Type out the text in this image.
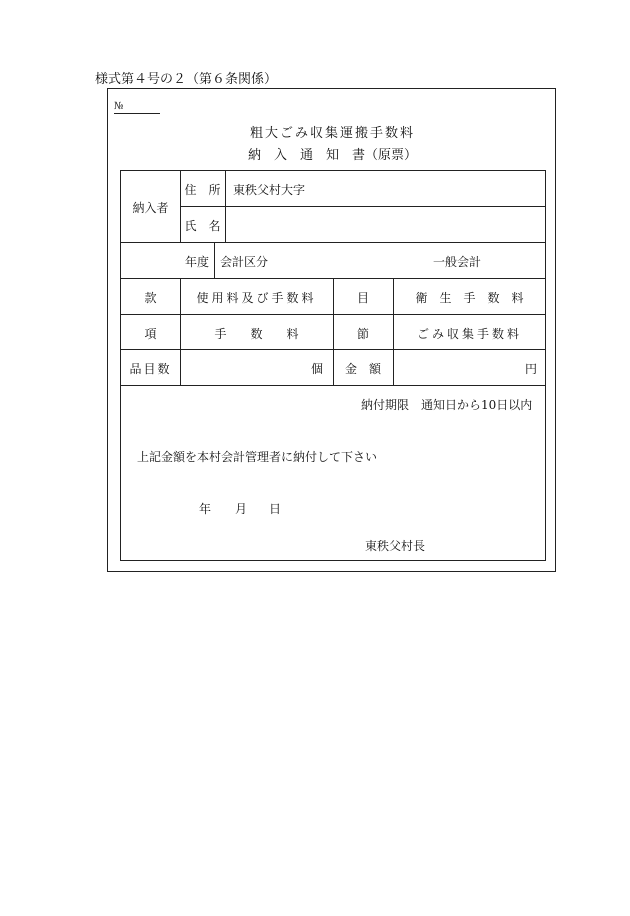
様式第４号の２（第６条関係）
№
粗大ごみ収集運搬手数料
納　入　通　知　書（原票）
納入者
住　所	東秩父村大字
氏　名
年度 会計区分	一般会計
款	使用料及び手数料	目	衛　生　手　数　料
項	手　　数　　料	節	ごみ収集手数料
品目数	個	金　額	円
納付期限　通知日から10日以内
上記金額を本村会計管理者に納付して下さい
年 月 日
東秩父村長
